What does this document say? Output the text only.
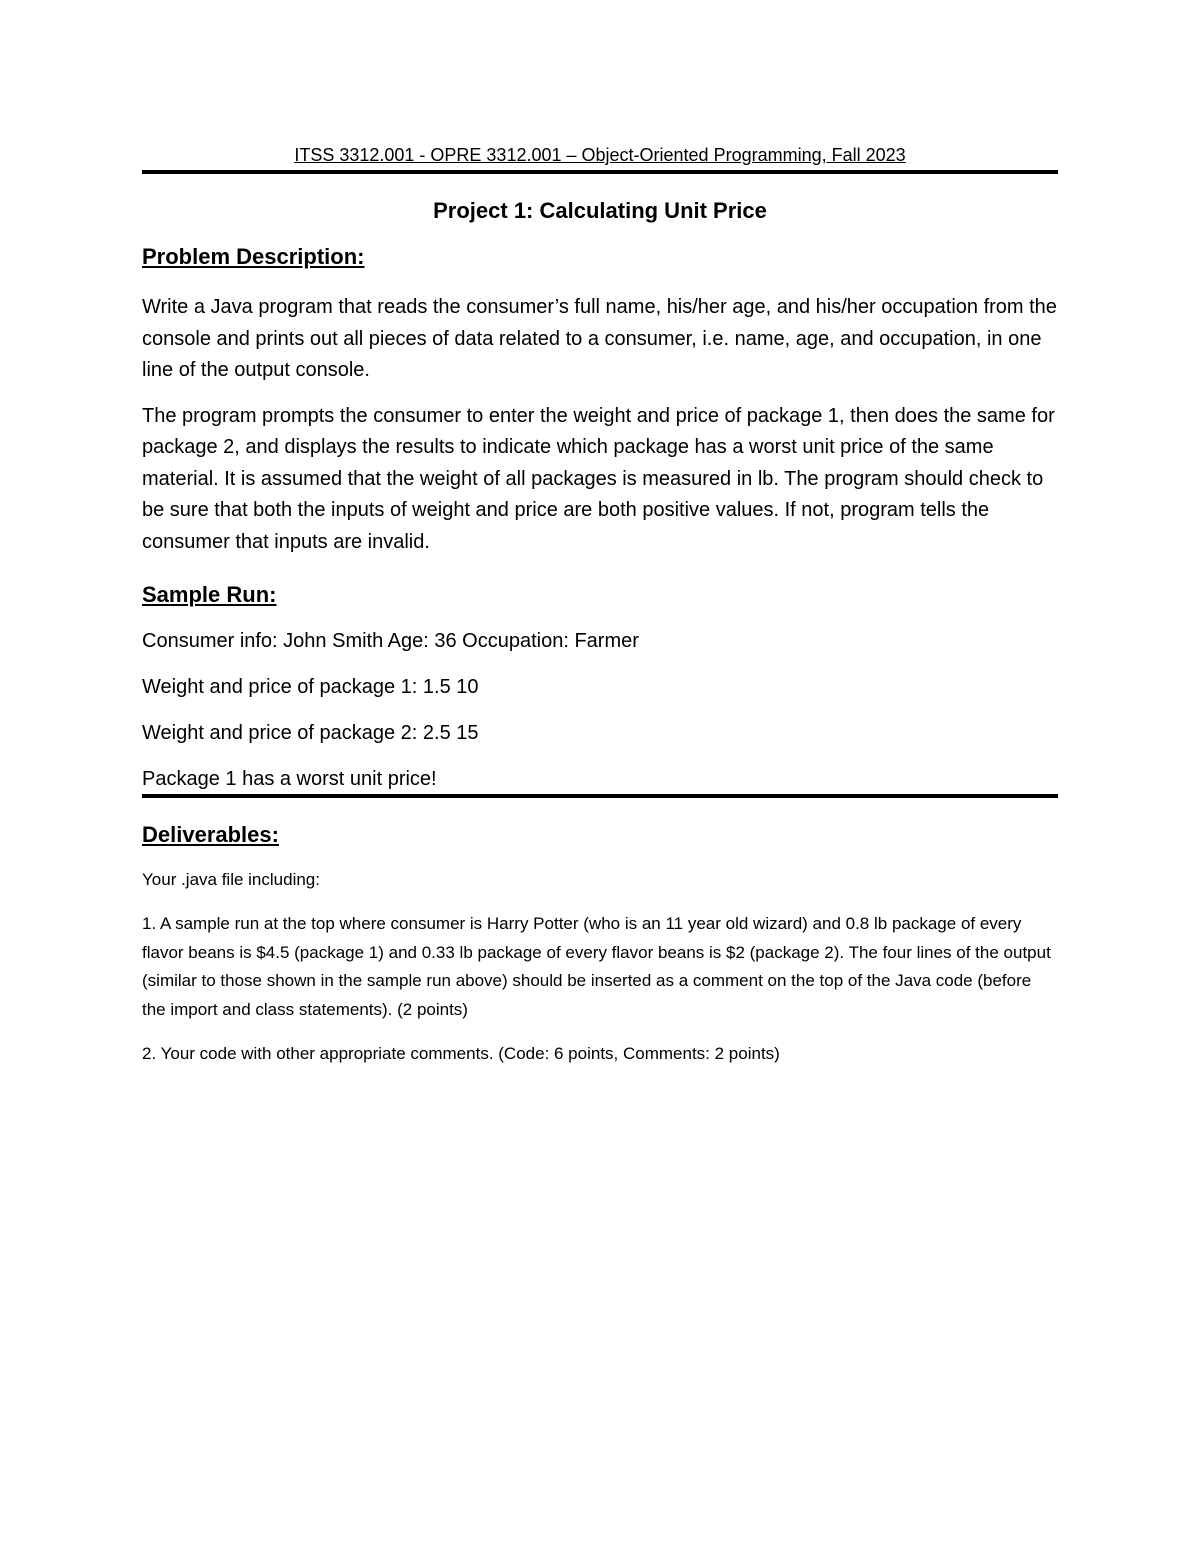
ITSS 3312.001 - OPRE 3312.001 – Object-Oriented Programming, Fall 2023
Project 1: Calculating Unit Price
Problem Description:

Write a Java program that reads the consumer’s full name, his/her age, and his/her occupation from the console and prints out all pieces of data related to a consumer, i.e. name, age, and occupation, in one line of the output console.

The program prompts the consumer to enter the weight and price of package 1, then does the same for package 2, and displays the results to indicate which package has a worst unit price of the same material. It is assumed that the weight of all packages is measured in lb. The program should check to be sure that both the inputs of weight and price are both positive values. If not, program tells the consumer that inputs are invalid.

Sample Run:

Consumer info: John Smith Age: 36 Occupation: Farmer

Weight and price of package 1: 1.5 10

Weight and price of package 2: 2.5 15

Package 1 has a worst unit price!

Deliverables:

Your .java file including:

1. A sample run at the top where consumer is Harry Potter (who is an 11 year old wizard) and 0.8 lb package of every flavor beans is $4.5 (package 1) and 0.33 lb package of every flavor beans is $2 (package 2). The four lines of the output (similar to those shown in the sample run above) should be inserted as a comment on the top of the Java code (before the import and class statements). (2 points)

2. Your code with other appropriate comments. (Code: 6 points, Comments: 2 points)
